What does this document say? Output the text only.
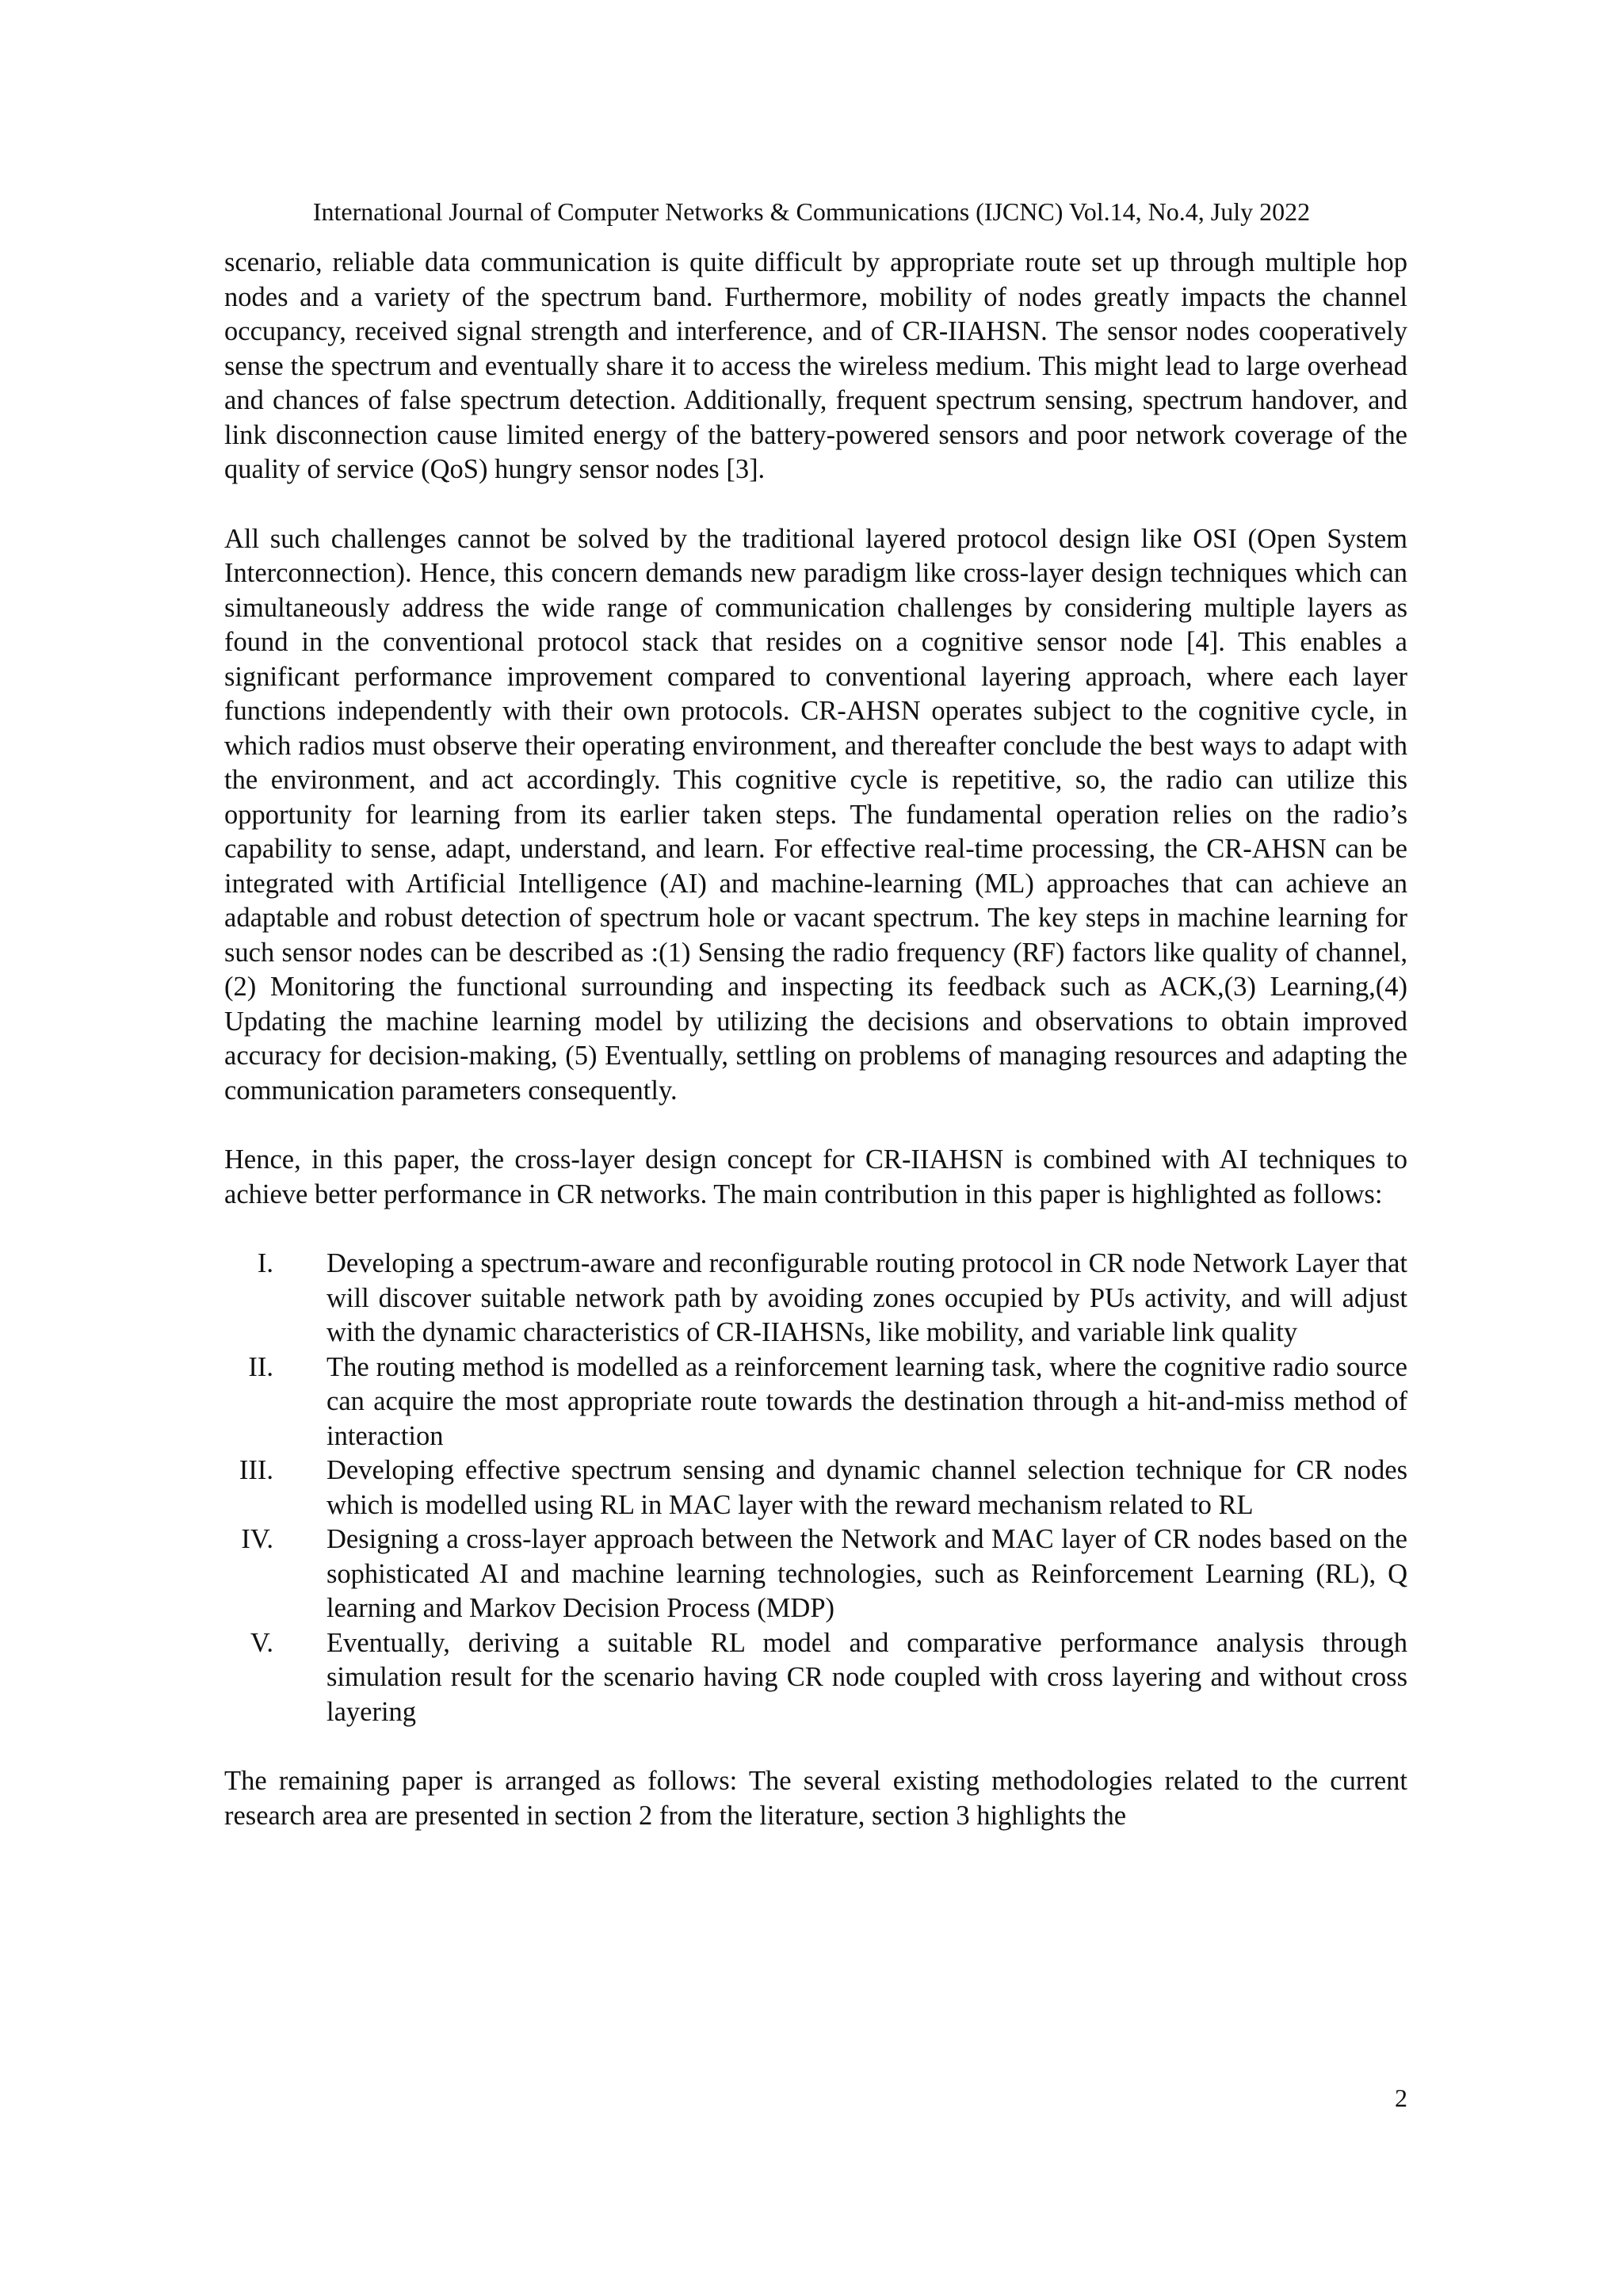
International Journal of Computer Networks & Communications (IJCNC) Vol.14, No.4, July 2022

scenario, reliable data communication is quite difficult by appropriate route set up through multiple hop nodes and a variety of the spectrum band. Furthermore, mobility of nodes greatly impacts the channel occupancy, received signal strength and interference, and of CR-IIAHSN. The sensor nodes cooperatively sense the spectrum and eventually share it to access the wireless medium. This might lead to large overhead and chances of false spectrum detection. Additionally, frequent spectrum sensing, spectrum handover, and link disconnection cause limited energy of the battery-powered sensors and poor network coverage of the quality of service (QoS) hungry sensor nodes [3].

All such challenges cannot be solved by the traditional layered protocol design like OSI (Open System Interconnection). Hence, this concern demands new paradigm like cross-layer design techniques which can simultaneously address the wide range of communication challenges by considering multiple layers as found in the conventional protocol stack that resides on a cognitive sensor node [4]. This enables a significant performance improvement compared to conventional layering approach, where each layer functions independently with their own protocols. CR-AHSN operates subject to the cognitive cycle, in which radios must observe their operating environment, and thereafter conclude the best ways to adapt with the environment, and act accordingly. This cognitive cycle is repetitive, so, the radio can utilize this opportunity for learning from its earlier taken steps. The fundamental operation relies on the radio’s capability to sense, adapt, understand, and learn. For effective real-time processing, the CR-AHSN can be integrated with Artificial Intelligence (AI) and machine-learning (ML) approaches that can achieve an adaptable and robust detection of spectrum hole or vacant spectrum. The key steps in machine learning for such sensor nodes can be described as :(1) Sensing the radio frequency (RF) factors like quality of channel, (2) Monitoring the functional surrounding and inspecting its feedback such as ACK,(3) Learning,(4) Updating the machine learning model by utilizing the decisions and observations to obtain improved accuracy for decision-making, (5) Eventually, settling on problems of managing resources and adapting the communication parameters consequently.

Hence, in this paper, the cross-layer design concept for CR-IIAHSN is combined with AI techniques to achieve better performance in CR networks. The main contribution in this paper is highlighted as follows:

I. Developing a spectrum-aware and reconfigurable routing protocol in CR node Network Layer that will discover suitable network path by avoiding zones occupied by PUs activity, and will adjust with the dynamic characteristics of CR-IIAHSNs, like mobility, and variable link quality
II. The routing method is modelled as a reinforcement learning task, where the cognitive radio source can acquire the most appropriate route towards the destination through a hit-and-miss method of interaction
III. Developing effective spectrum sensing and dynamic channel selection technique for CR nodes which is modelled using RL in MAC layer with the reward mechanism related to RL
IV. Designing a cross-layer approach between the Network and MAC layer of CR nodes based on the sophisticated AI and machine learning technologies, such as Reinforcement Learning (RL), Q learning and Markov Decision Process (MDP)
V. Eventually, deriving a suitable RL model and comparative performance analysis through simulation result for the scenario having CR node coupled with cross layering and without cross layering

The remaining paper is arranged as follows: The several existing methodologies related to the current research area are presented in section 2 from the literature, section 3 highlights the

2
